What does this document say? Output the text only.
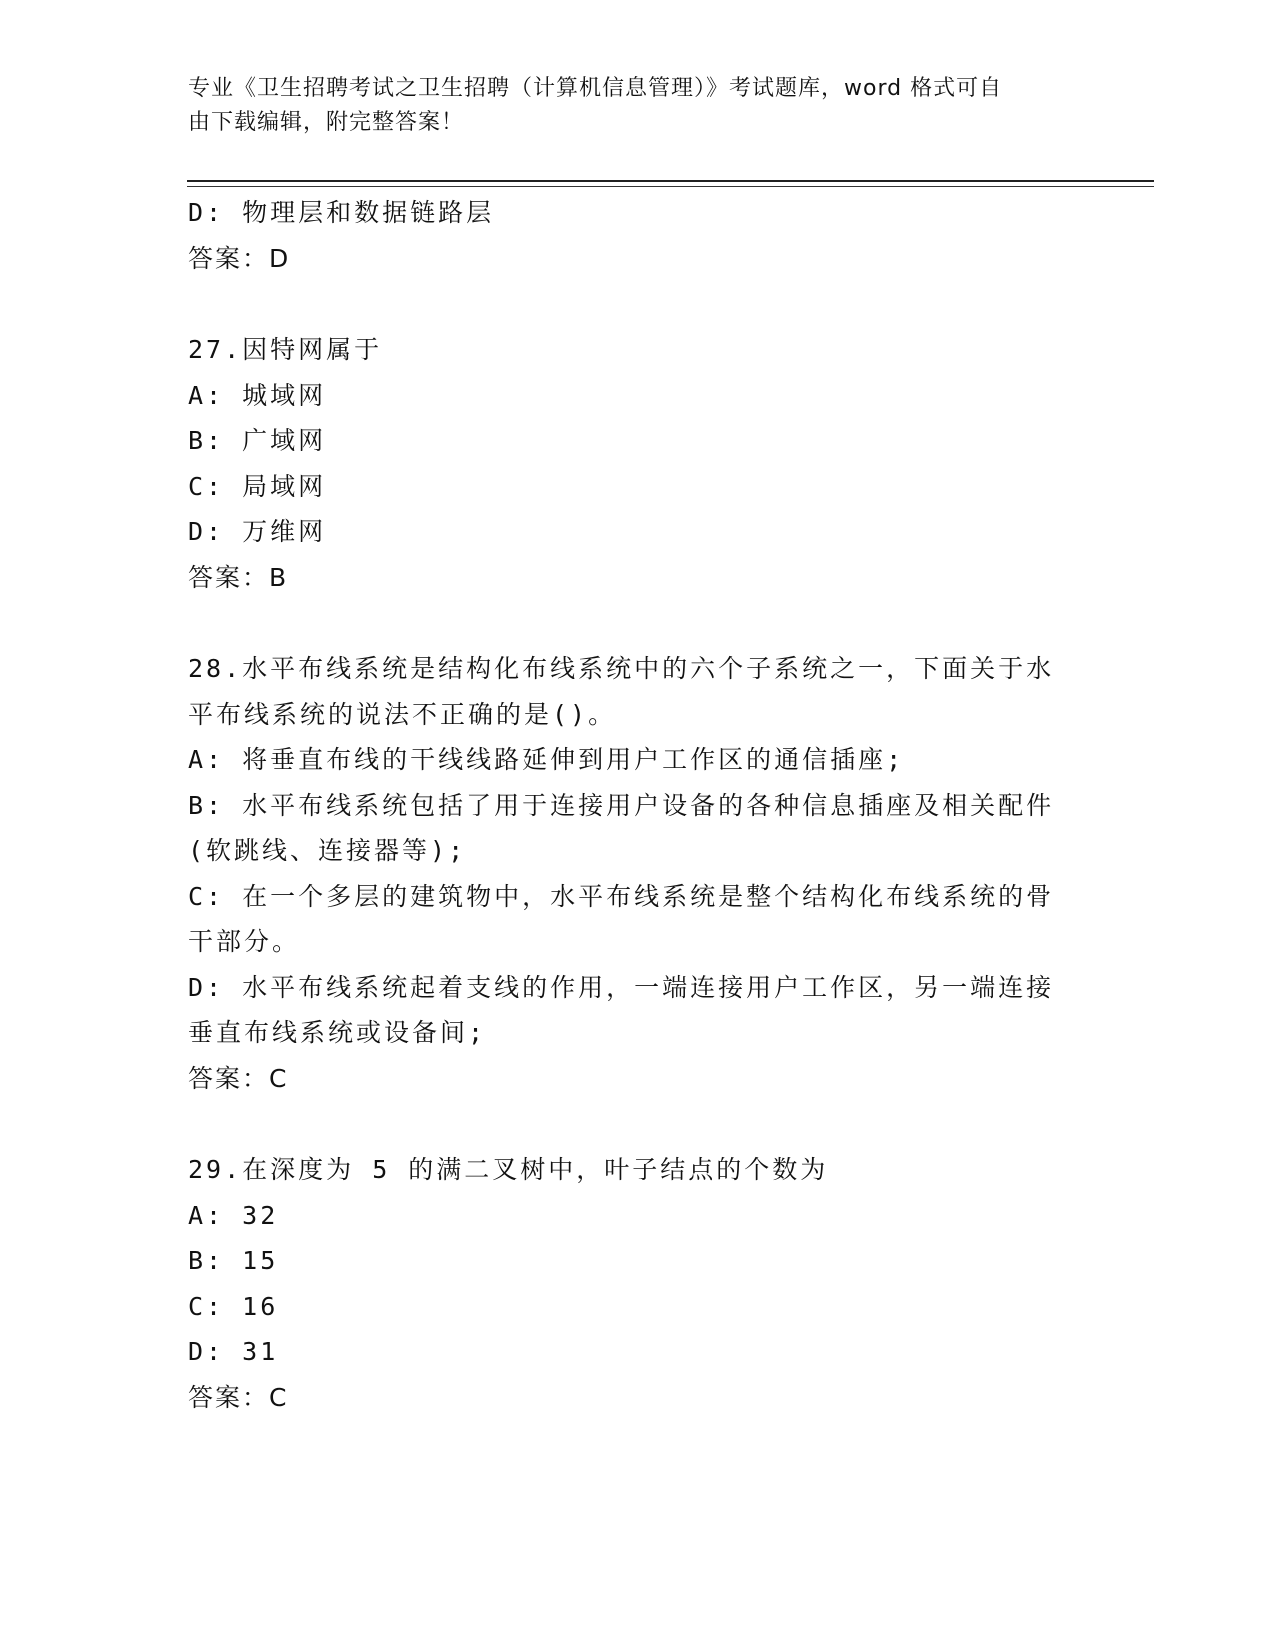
专业《卫生招聘考试之卫生招聘（计算机信息管理）》考试题库，word 格式可自
由下载编辑，附完整答案！
D: 物理层和数据链路层
答案：D
27.因特网属于
A: 城域网
B: 广域网
C: 局域网
D: 万维网
答案：B
28.水平布线系统是结构化布线系统中的六个子系统之一，下面关于水
平布线系统的说法不正确的是()。
A: 将垂直布线的干线线路延伸到用户工作区的通信插座;
B: 水平布线系统包括了用于连接用户设备的各种信息插座及相关配件
(软跳线、连接器等);
C: 在一个多层的建筑物中，水平布线系统是整个结构化布线系统的骨
干部分。
D: 水平布线系统起着支线的作用，一端连接用户工作区，另一端连接
垂直布线系统或设备间;
答案：C
29.在深度为 5 的满二叉树中，叶子结点的个数为
A: 32
B: 15
C: 16
D: 31
答案：C
